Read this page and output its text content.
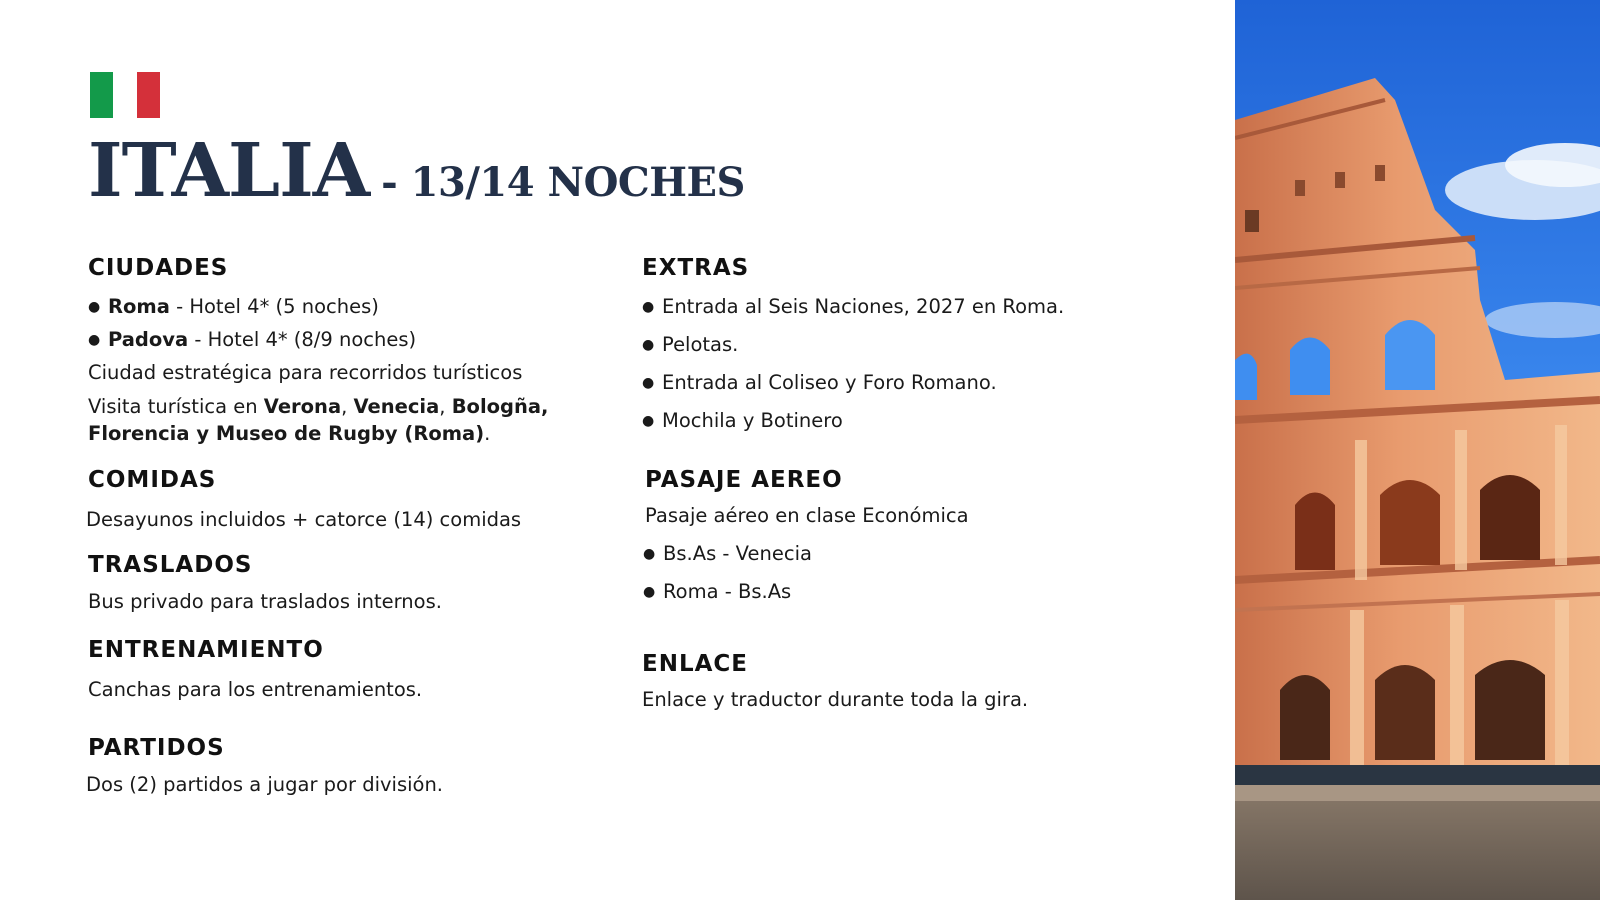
ITALIA - 13/14 NOCHES
CIUDADES
● Roma - Hotel 4* (5 noches)
● Padova - Hotel 4* (8/9 noches)
Ciudad estratégica para recorridos turísticos
Visita turística en Verona, Venecia, Bologña,
Florencia y Museo de Rugby (Roma).
COMIDAS
Desayunos incluidos + catorce (14) comidas
TRASLADOS
Bus privado para traslados internos.
ENTRENAMIENTO
Canchas para los entrenamientos.
PARTIDOS
Dos (2) partidos a jugar por división.
EXTRAS
● Entrada al Seis Naciones, 2027 en Roma.
● Pelotas.
● Entrada al Coliseo y Foro Romano.
● Mochila y Botinero
PASAJE AEREO
Pasaje aéreo en clase Económica
● Bs.As - Venecia
● Roma - Bs.As
ENLACE
Enlace y traductor durante toda la gira.
